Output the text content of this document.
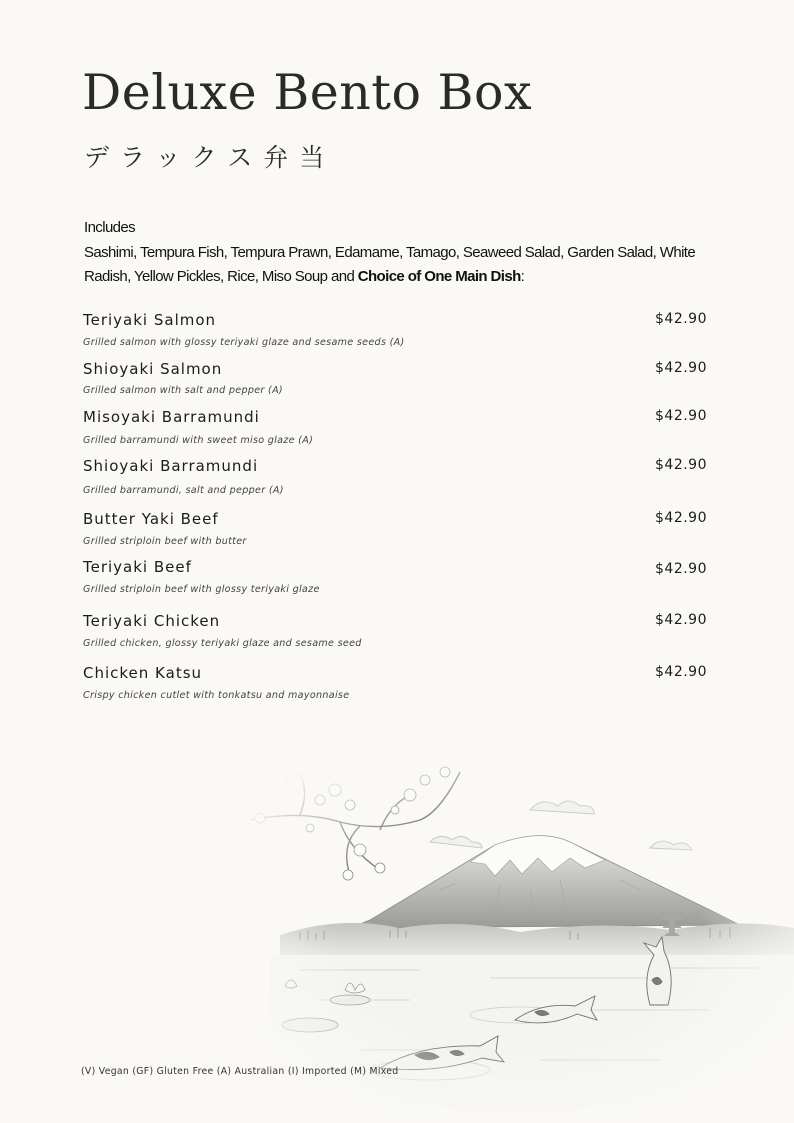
Deluxe Bento Box
デラックス弁当
Includes
Sashimi, Tempura Fish, Tempura Prawn, Edamame, Tamago, Seaweed Salad, Garden Salad, White Radish, Yellow Pickles, Rice, Miso Soup and Choice of One Main Dish:
Teriyaki Salmon	$42.90
Grilled salmon with glossy teriyaki glaze and sesame seeds (A)
Shioyaki Salmon	$42.90
Grilled salmon with salt and pepper (A)
Misoyaki Barramundi	$42.90
Grilled barramundi with sweet miso glaze (A)
Shioyaki Barramundi	$42.90
Grilled barramundi, salt and pepper (A)
Butter Yaki Beef	$42.90
Grilled striploin beef with butter
Teriyaki Beef	$42.90
Grilled striploin beef with glossy teriyaki glaze
Teriyaki Chicken	$42.90
Grilled chicken, glossy teriyaki glaze and sesame seed
Chicken Katsu	$42.90
Crispy chicken cutlet with tonkatsu and mayonnaise
(V) Vegan (GF) Gluten Free (A) Australian (I) Imported (M) Mixed
